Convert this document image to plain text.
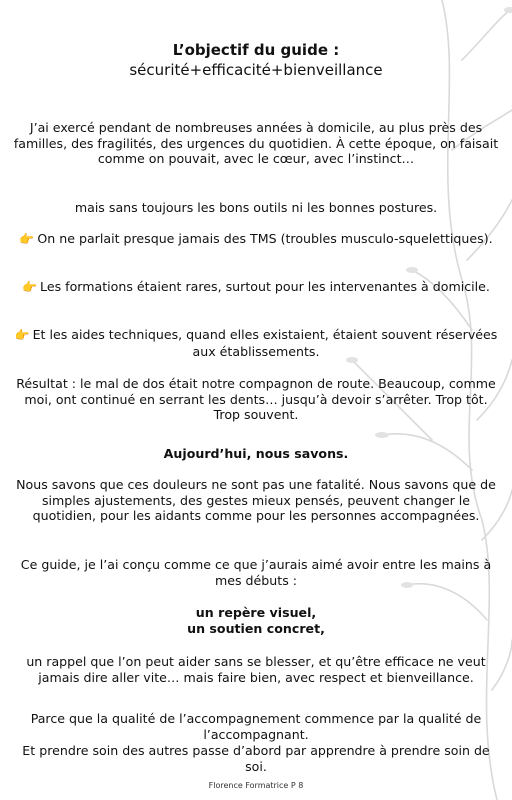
L’objectif du guide :
sécurité+efficacité+bienveillance
J’ai exercé pendant de nombreuses années à domicile, au plus près des familles, des fragilités, des urgences du quotidien. À cette époque, on faisait comme on pouvait, avec le cœur, avec l’instinct…
mais sans toujours les bons outils ni les bonnes postures.
👉 On ne parlait presque jamais des TMS (troubles musculo-squelettiques).
👉 Les formations étaient rares, surtout pour les intervenantes à domicile.
👉 Et les aides techniques, quand elles existaient, étaient souvent réservées aux établissements.
Résultat : le mal de dos était notre compagnon de route. Beaucoup, comme moi, ont continué en serrant les dents… jusqu’à devoir s’arrêter. Trop tôt. Trop souvent.
Aujourd’hui, nous savons.
Nous savons que ces douleurs ne sont pas une fatalité. Nous savons que de simples ajustements, des gestes mieux pensés, peuvent changer le quotidien, pour les aidants comme pour les personnes accompagnées.
Ce guide, je l’ai conçu comme ce que j’aurais aimé avoir entre les mains à mes débuts :
un repère visuel,
un soutien concret,
un rappel que l’on peut aider sans se blesser, et qu’être efficace ne veut jamais dire aller vite… mais faire bien, avec respect et bienveillance.
Parce que la qualité de l’accompagnement commence par la qualité de l’accompagnant.
Et prendre soin des autres passe d’abord par apprendre à prendre soin de soi.
Florence Formatrice P 8
